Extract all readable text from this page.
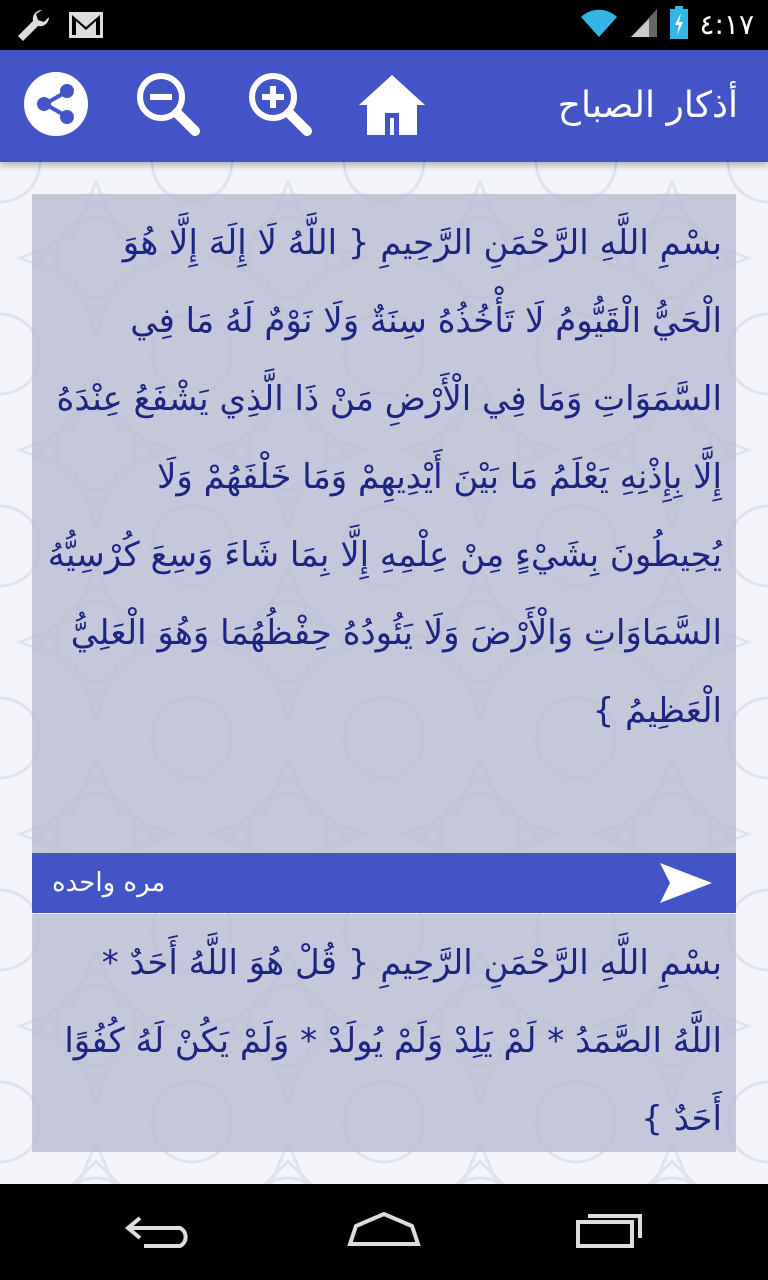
٤:١٧
أذكار الصباح

بسْمِ اللَّهِ الرَّحْمَنِ الرَّحِيمِ { اللَّهُ لَا إِلَهَ إِلَّا هُوَ الْحَيُّ الْقَيُّومُ لَا تَأْخُذُهُ سِنَةٌ وَلَا نَوْمٌ لَهُ مَا فِي السَّمَوَاتِ وَمَا فِي الْأَرْضِ مَنْ ذَا الَّذِي يَشْفَعُ عِنْدَهُ إِلَّا بِإِذْنِهِ يَعْلَمُ مَا بَيْنَ أَيْدِيهِمْ وَمَا خَلْفَهُمْ وَلَا يُحِيطُونَ بِشَيْءٍ مِنْ عِلْمِهِ إِلَّا بِمَا شَاءَ وَسِعَ كُرْسِيُّهُ السَّمَاوَاتِ وَالْأَرْضَ وَلَا يَئُودُهُ حِفْظُهُمَا وَهُوَ الْعَلِيُّ الْعَظِيمُ }

مره واحده

بسْمِ اللَّهِ الرَّحْمَنِ الرَّحِيمِ { قُلْ هُوَ اللَّهُ أَحَدٌ * اللَّهُ الصَّمَدُ * لَمْ يَلِدْ وَلَمْ يُولَدْ * وَلَمْ يَكُنْ لَهُ كُفُوًا أَحَدٌ }
